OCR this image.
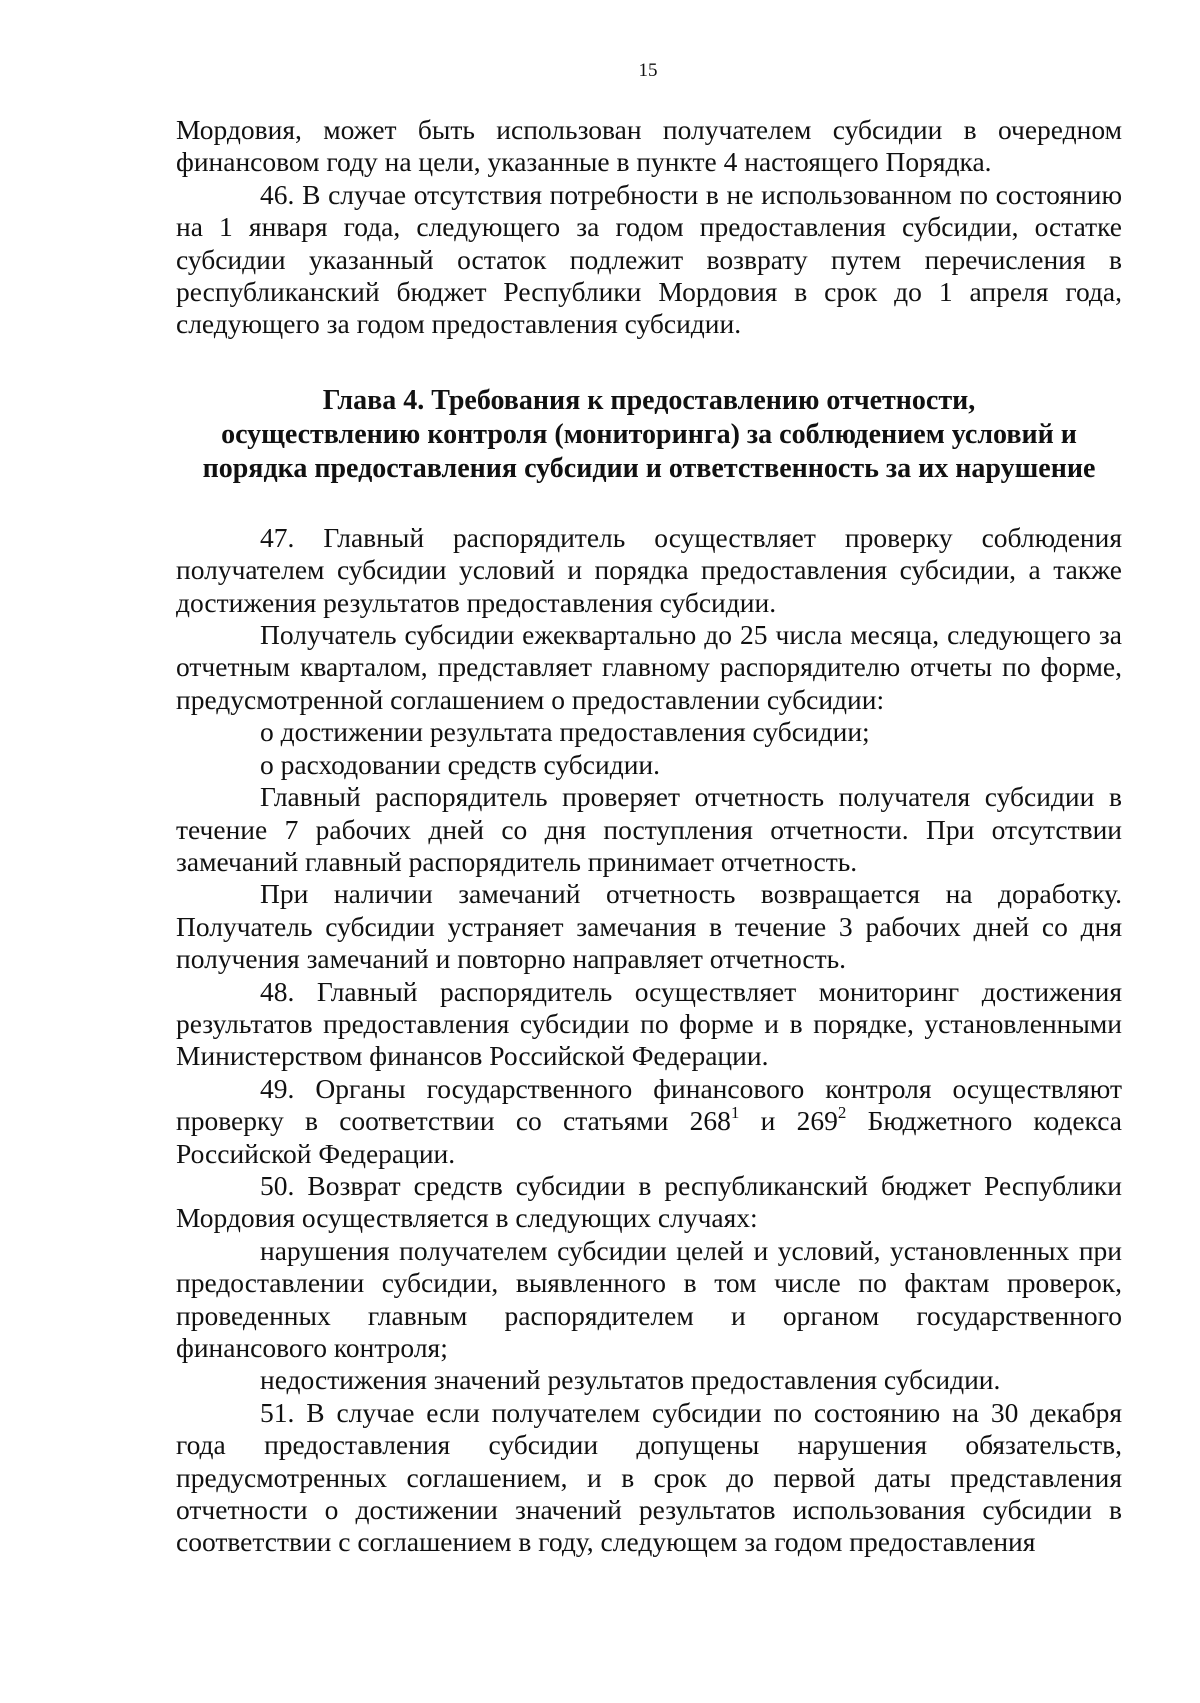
15

Мордовия, может быть использован получателем субсидии в очередном финансовом году на цели, указанные в пункте 4 настоящего Порядка.

46. В случае отсутствия потребности в не использованном по состоянию на 1 января года, следующего за годом предоставления субсидии, остатке субсидии указанный остаток подлежит возврату путем перечисления в республиканский бюджет Республики Мордовия в срок до 1 апреля года, следующего за годом предоставления субсидии.

Глава 4. Требования к предоставлению отчетности,
осуществлению контроля (мониторинга) за соблюдением условий и
порядка предоставления субсидии и ответственность за их нарушение

47. Главный распорядитель осуществляет проверку соблюдения получателем субсидии условий и порядка предоставления субсидии, а также достижения результатов предоставления субсидии.

Получатель субсидии ежеквартально до 25 числа месяца, следующего за отчетным кварталом, представляет главному распорядителю отчеты по форме, предусмотренной соглашением о предоставлении субсидии:

о достижении результата предоставления субсидии;

о расходовании средств субсидии.

Главный распорядитель проверяет отчетность получателя субсидии в течение 7 рабочих дней со дня поступления отчетности. При отсутствии замечаний главный распорядитель принимает отчетность.

При наличии замечаний отчетность возвращается на доработку. Получатель субсидии устраняет замечания в течение 3 рабочих дней со дня получения замечаний и повторно направляет отчетность.

48. Главный распорядитель осуществляет мониторинг достижения результатов предоставления субсидии по форме и в порядке, установленными Министерством финансов Российской Федерации.

49. Органы государственного финансового контроля осуществляют проверку в соответствии со статьями $268^1$ и $269^2$ Бюджетного кодекса Российской Федерации.

50. Возврат средств субсидии в республиканский бюджет Республики Мордовия осуществляется в следующих случаях:

нарушения получателем субсидии целей и условий, установленных при предоставлении субсидии, выявленного в том числе по фактам проверок, проведенных главным распорядителем и органом государственного финансового контроля;

недостижения значений результатов предоставления субсидии.

51. В случае если получателем субсидии по состоянию на 30 декабря года предоставления субсидии допущены нарушения обязательств, предусмотренных соглашением, и в срок до первой даты представления отчетности о достижении значений результатов использования субсидии в соответствии с соглашением в году, следующем за годом предоставления
